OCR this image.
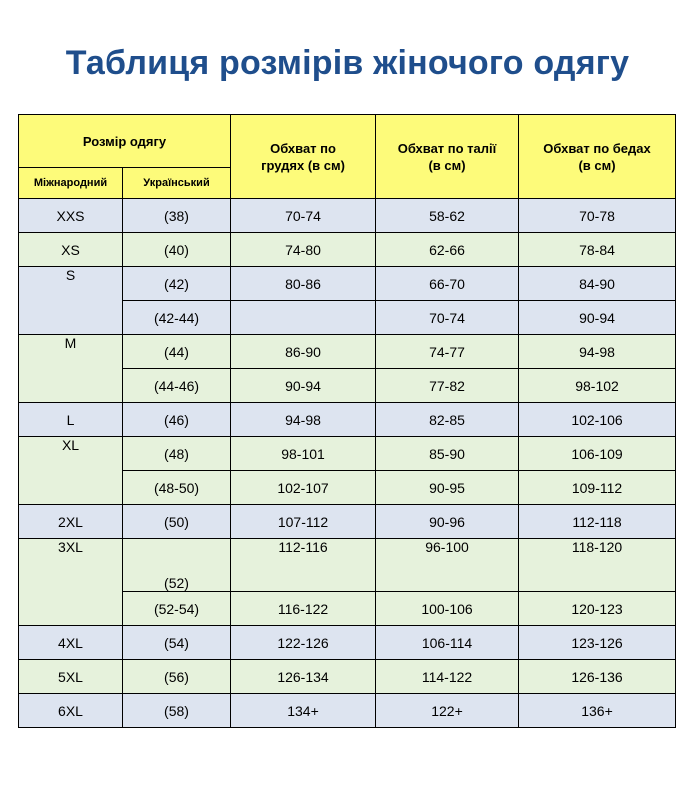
Таблиця розмірів жіночого одягу
Розмір одягу		Обхват по грудях (в см)	Обхват по талії (в см)	Обхват по бедах (в см)
Міжнародний	Український			
XXS	(38)	70-74	58-62	70-78
XS	(40)	74-80	62-66	78-84
S	(42)	80-86	66-70	84-90
	(42-44)		70-74	90-94
M	(44)	86-90	74-77	94-98
	(44-46)	90-94	77-82	98-102
L	(46)	94-98	82-85	102-106
XL	(48)	98-101	85-90	106-109
	(48-50)	102-107	90-95	109-112
2XL	(50)	107-112	90-96	112-118
3XL	(52)	112-116	96-100	118-120
	(52-54)	116-122	100-106	120-123
4XL	(54)	122-126	106-114	123-126
5XL	(56)	126-134	114-122	126-136
6XL	(58)	134+	122+	136+
